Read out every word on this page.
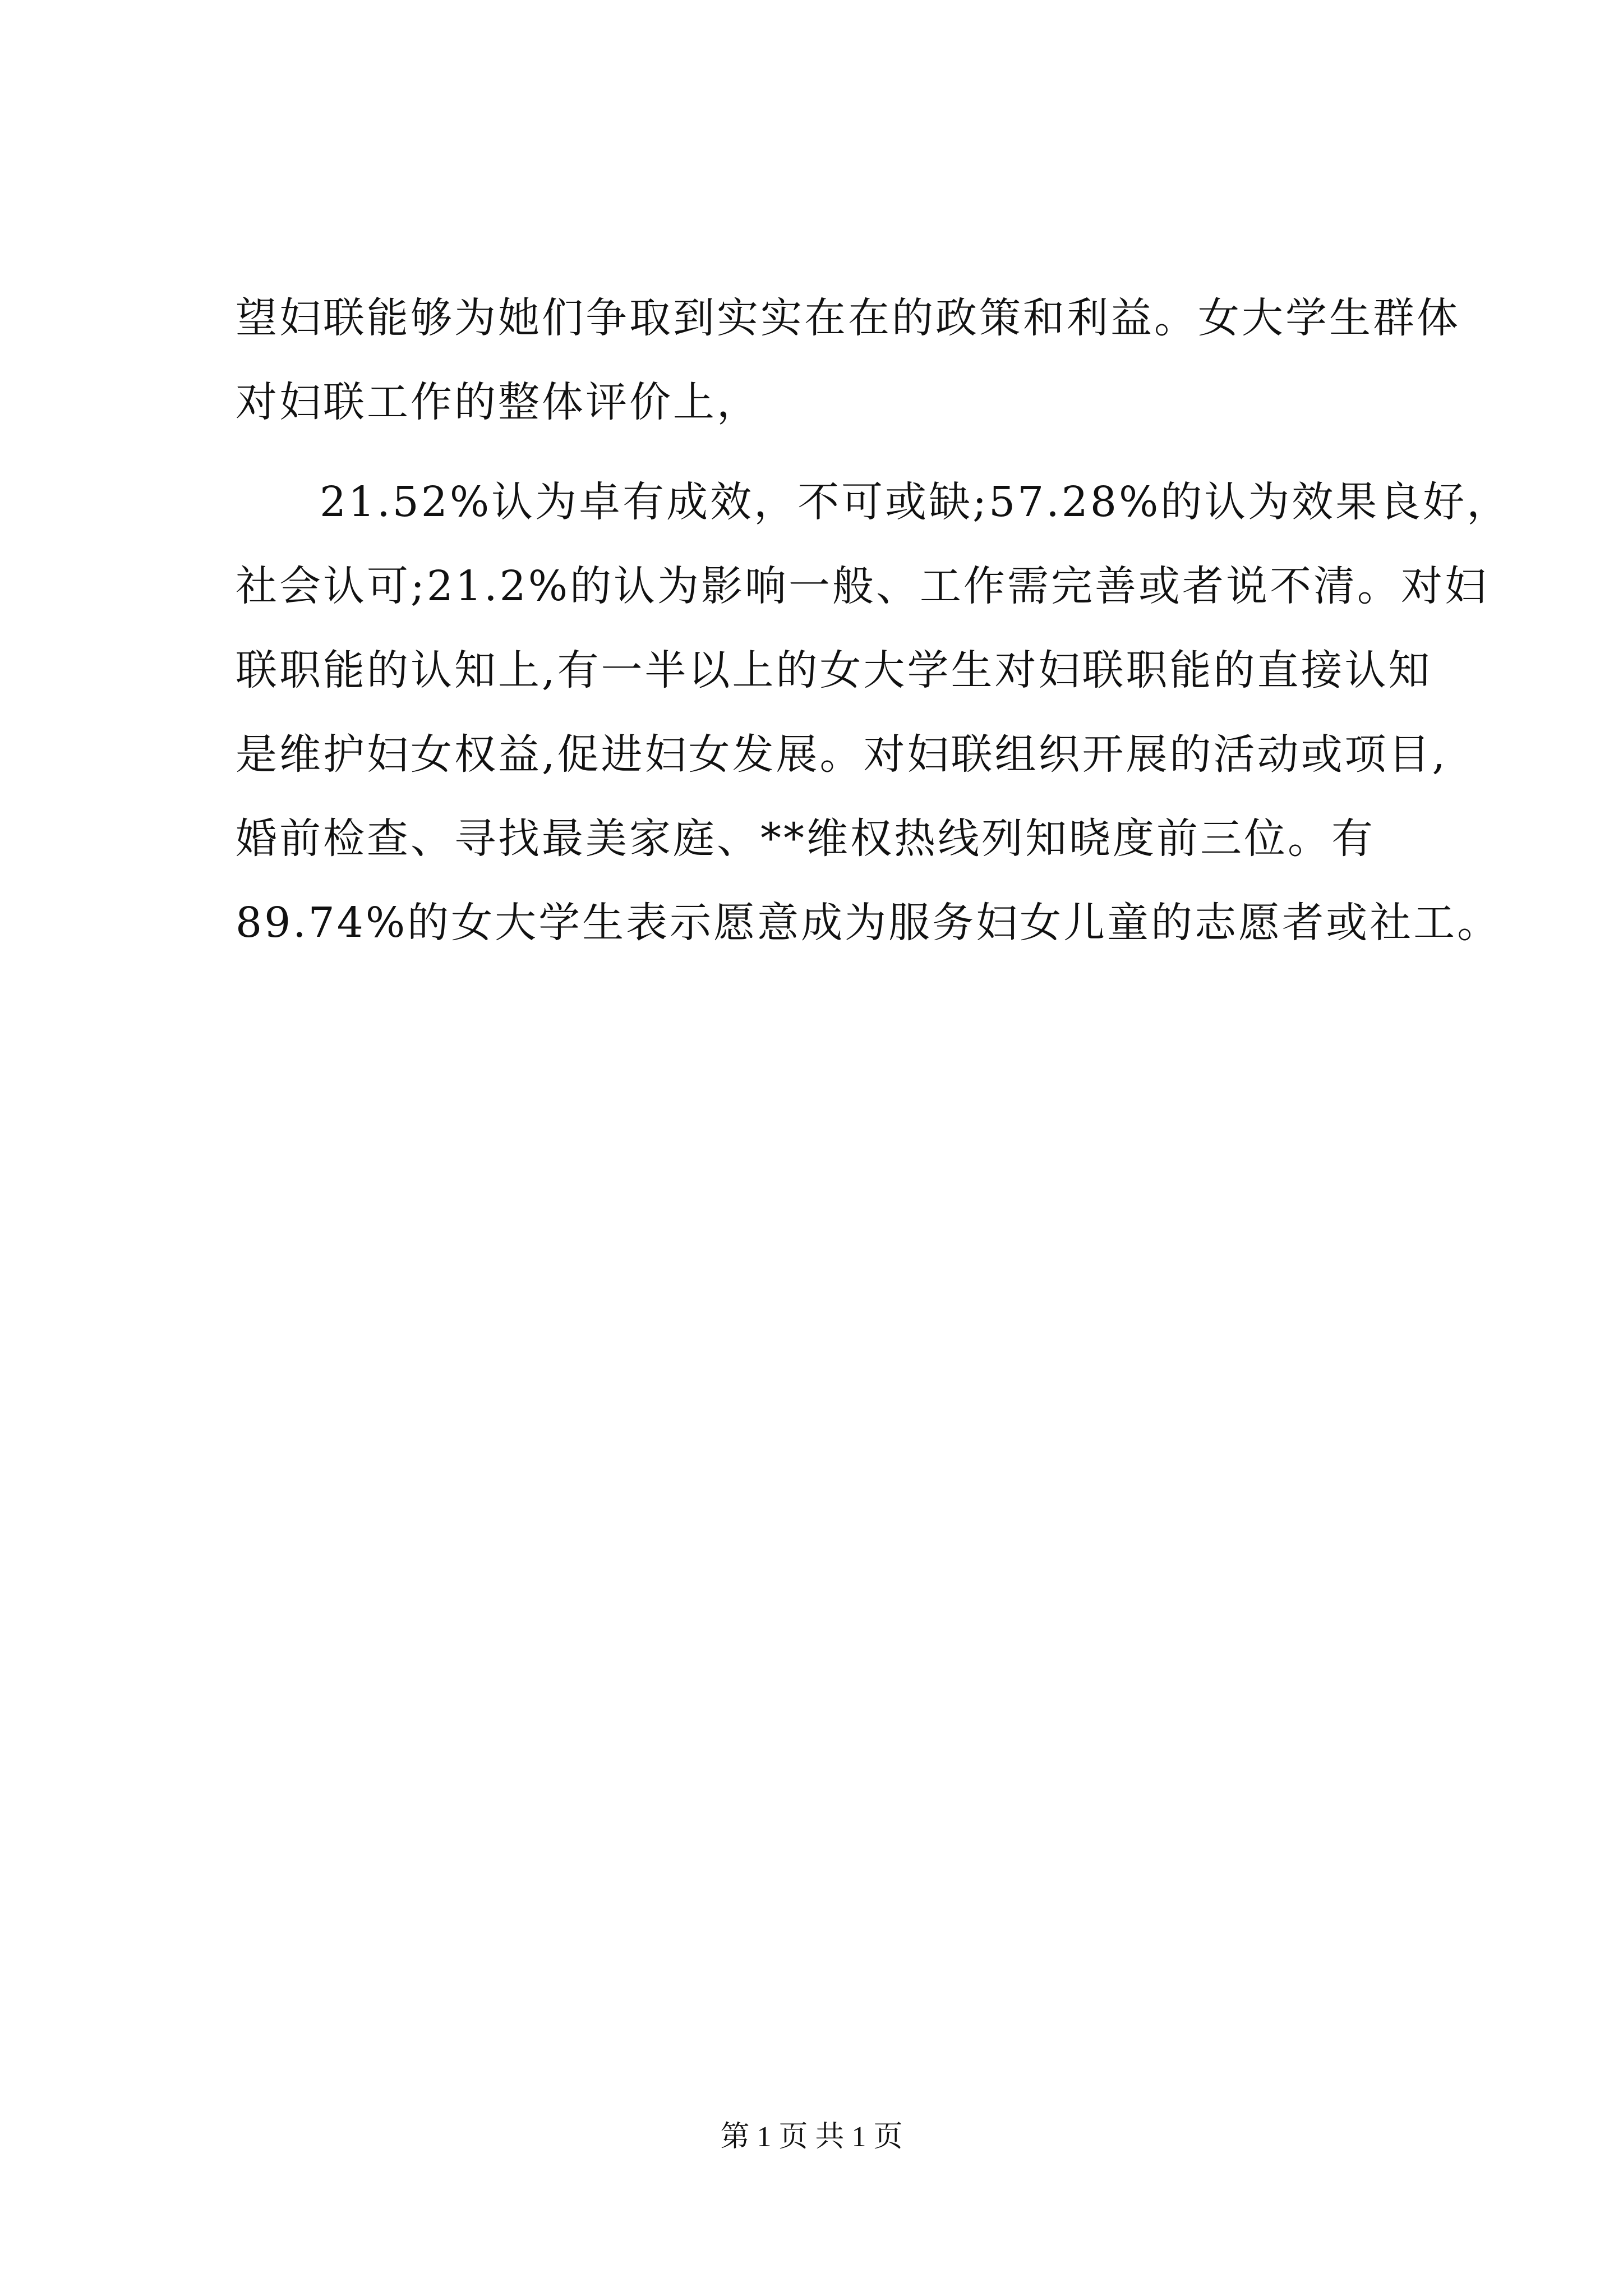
望妇联能够为她们争取到实实在在的政策和利益。女大学生群体

对妇联工作的整体评价上，

21.52%认为卓有成效，不可或缺;57.28%的认为效果良好，

社会认可;21.2%的认为影响一般、工作需完善或者说不清。对妇

联职能的认知上,有一半以上的女大学生对妇联职能的直接认知

是维护妇女权益,促进妇女发展。对妇联组织开展的活动或项目,

婚前检查、寻找最美家庭、**维权热线列知晓度前三位。有

89.74%的女大学生表示愿意成为服务妇女儿童的志愿者或社工。

第 1 页 共 1 页
